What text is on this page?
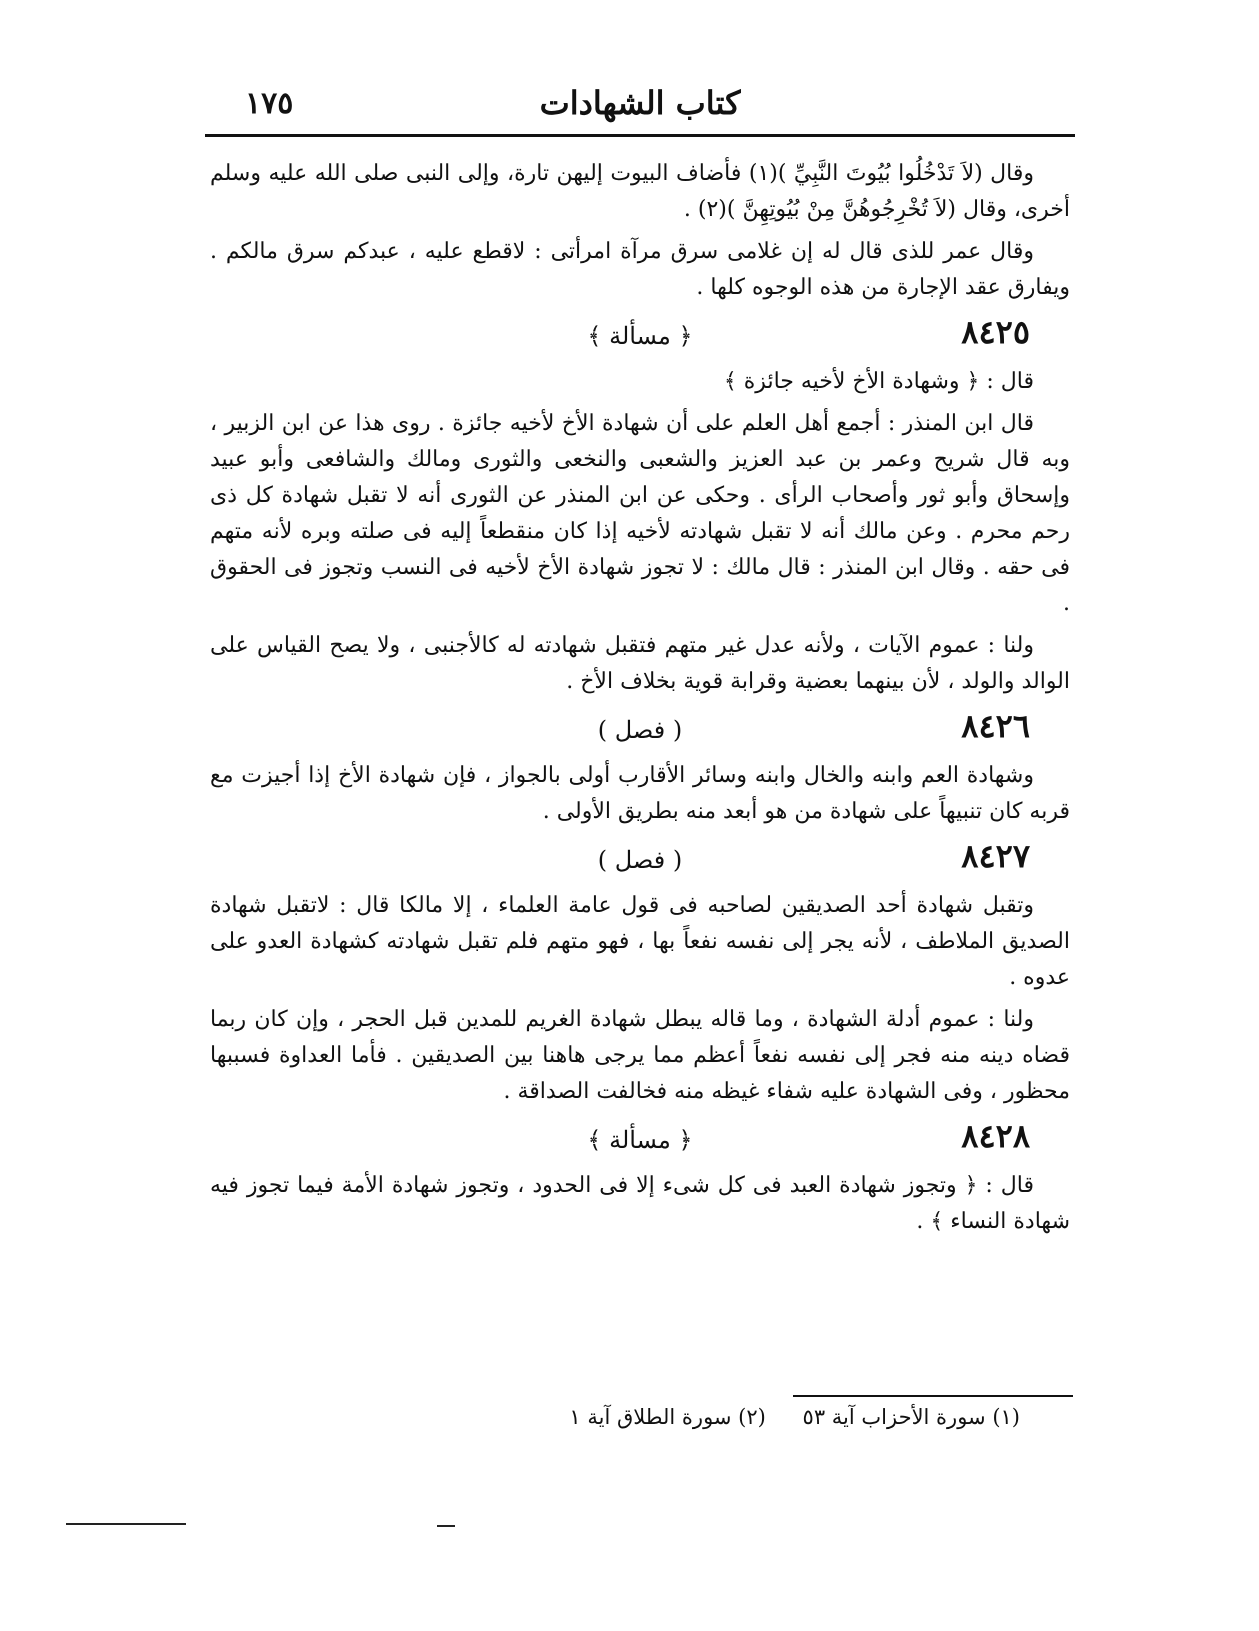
١٧٥	كتاب الشهادات

وقال (لاَ تَدْخُلُوا بُيُوتَ النَّبِيِّ )(١) فأضاف البيوت إليهن تارة، وإلى النبى صلى الله عليه وسلم أخرى، وقال (لاَ تُخْرِجُوهُنَّ مِنْ بُيُوتِهِنَّ )(٢) .

وقال عمر للذى قال له إن غلامى سرق مرآة امرأتى : لاقطع عليه ، عبدكم سرق مالكم . ويفارق عقد الإجارة من هذه الوجوه كلها .

٨٤٢٥
﴿ مسألة ﴾

قال : ﴿ وشهادة الأخ لأخيه جائزة ﴾

قال ابن المنذر : أجمع أهل العلم على أن شهادة الأخ لأخيه جائزة . روى هذا عن ابن الزبير ، وبه قال شريح وعمر بن عبد العزيز والشعبى والنخعى والثورى ومالك والشافعى وأبو عبيد وإسحاق وأبو ثور وأصحاب الرأى . وحكى عن ابن المنذر عن الثورى أنه لا تقبل شهادة كل ذى رحم محرم . وعن مالك أنه لا تقبل شهادته لأخيه إذا كان منقطعاً إليه فى صلته وبره لأنه متهم فى حقه . وقال ابن المنذر : قال مالك : لا تجوز شهادة الأخ لأخيه فى النسب وتجوز فى الحقوق .

ولنا : عموم الآيات ، ولأنه عدل غير متهم فتقبل شهادته له كالأجنبى ، ولا يصح القياس على الوالد والولد ، لأن بينهما بعضية وقرابة قوية بخلاف الأخ .

٨٤٢٦
( فصل )

وشهادة العم وابنه والخال وابنه وسائر الأقارب أولى بالجواز ، فإن شهادة الأخ إذا أجيزت مع قربه كان تنبيهاً على شهادة من هو أبعد منه بطريق الأولى .

٨٤٢٧
( فصل )

وتقبل شهادة أحد الصديقين لصاحبه فى قول عامة العلماء ، إلا مالكا قال : لاتقبل شهادة الصديق الملاطف ، لأنه يجر إلى نفسه نفعاً بها ، فهو متهم فلم تقبل شهادته كشهادة العدو على عدوه .

ولنا : عموم أدلة الشهادة ، وما قاله يبطل شهادة الغريم للمدين قبل الحجر ، وإن كان ربما قضاه دينه منه فجر إلى نفسه نفعاً أعظم مما يرجى هاهنا بين الصديقين . فأما العداوة فسببها محظور ، وفى الشهادة عليه شفاء غيظه منه فخالفت الصداقة .

٨٤٢٨
﴿ مسألة ﴾

قال : ﴿ وتجوز شهادة العبد فى كل شىء إلا فى الحدود ، وتجوز شهادة الأمة فيما تجوز فيه شهادة النساء ﴾ .

(١) سورة الأحزاب آية ٥٣ (٢) سورة الطلاق آية ١
